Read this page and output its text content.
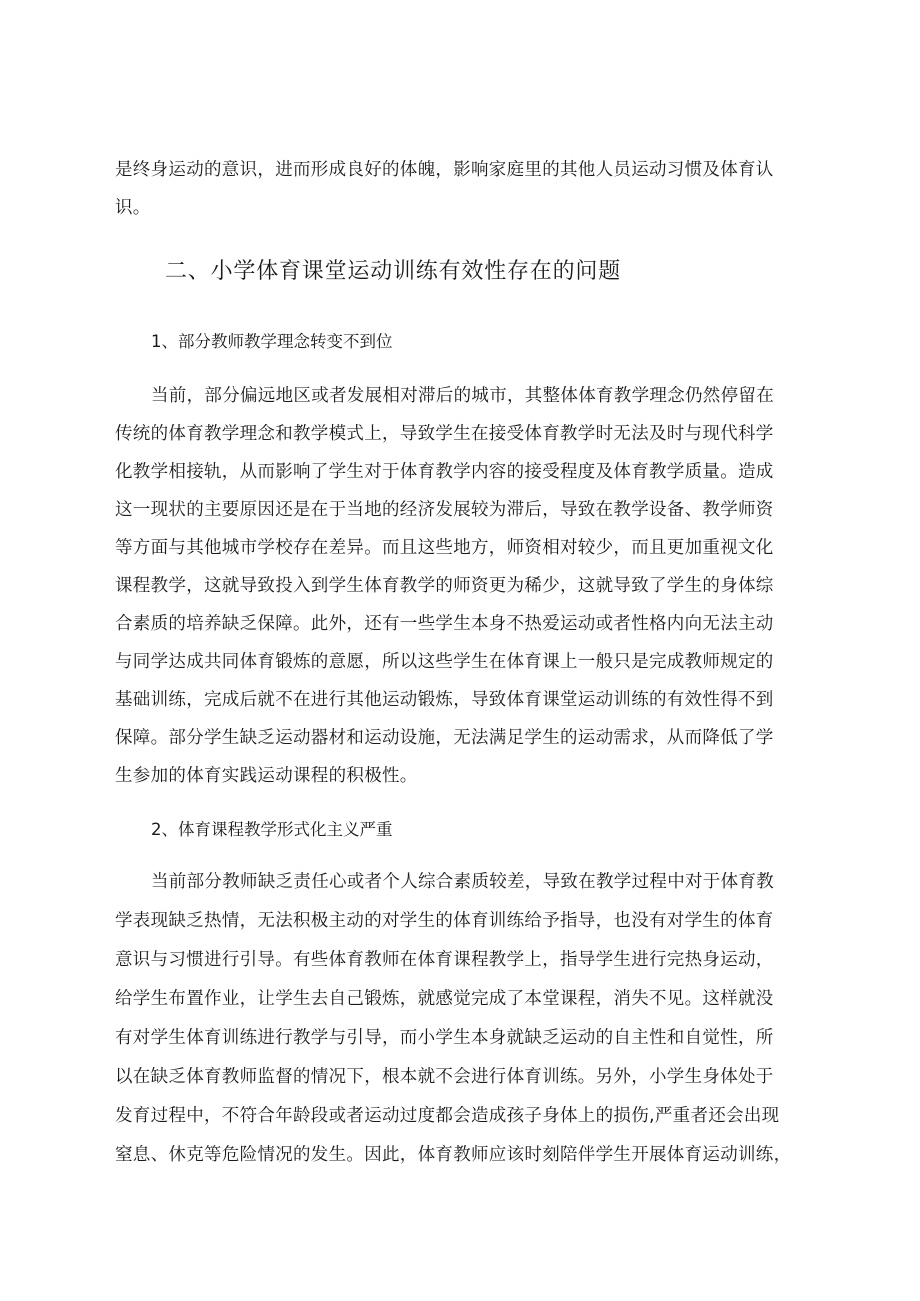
是终身运动的意识，进而形成良好的体魄，影响家庭里的其他人员运动习惯及体育认
识。
二、小学体育课堂运动训练有效性存在的问题
1、部分教师教学理念转变不到位
当前，部分偏远地区或者发展相对滞后的城市，其整体体育教学理念仍然停留在
传统的体育教学理念和教学模式上，导致学生在接受体育教学时无法及时与现代科学
化教学相接轨，从而影响了学生对于体育教学内容的接受程度及体育教学质量。造成
这一现状的主要原因还是在于当地的经济发展较为滞后，导致在教学设备、教学师资
等方面与其他城市学校存在差异。而且这些地方，师资相对较少，而且更加重视文化
课程教学，这就导致投入到学生体育教学的师资更为稀少，这就导致了学生的身体综
合素质的培养缺乏保障。此外，还有一些学生本身不热爱运动或者性格内向无法主动
与同学达成共同体育锻炼的意愿，所以这些学生在体育课上一般只是完成教师规定的
基础训练，完成后就不在进行其他运动锻炼，导致体育课堂运动训练的有效性得不到
保障。部分学生缺乏运动器材和运动设施，无法满足学生的运动需求，从而降低了学
生参加的体育实践运动课程的积极性。
2、体育课程教学形式化主义严重
当前部分教师缺乏责任心或者个人综合素质较差，导致在教学过程中对于体育教
学表现缺乏热情，无法积极主动的对学生的体育训练给予指导，也没有对学生的体育
意识与习惯进行引导。有些体育教师在体育课程教学上，指导学生进行完热身运动，
给学生布置作业，让学生去自己锻炼，就感觉完成了本堂课程，消失不见。这样就没
有对学生体育训练进行教学与引导，而小学生本身就缺乏运动的自主性和自觉性，所
以在缺乏体育教师监督的情况下，根本就不会进行体育训练。另外，小学生身体处于
发育过程中，不符合年龄段或者运动过度都会造成孩子身体上的损伤,严重者还会出现
窒息、休克等危险情况的发生。因此，体育教师应该时刻陪伴学生开展体育运动训练，
